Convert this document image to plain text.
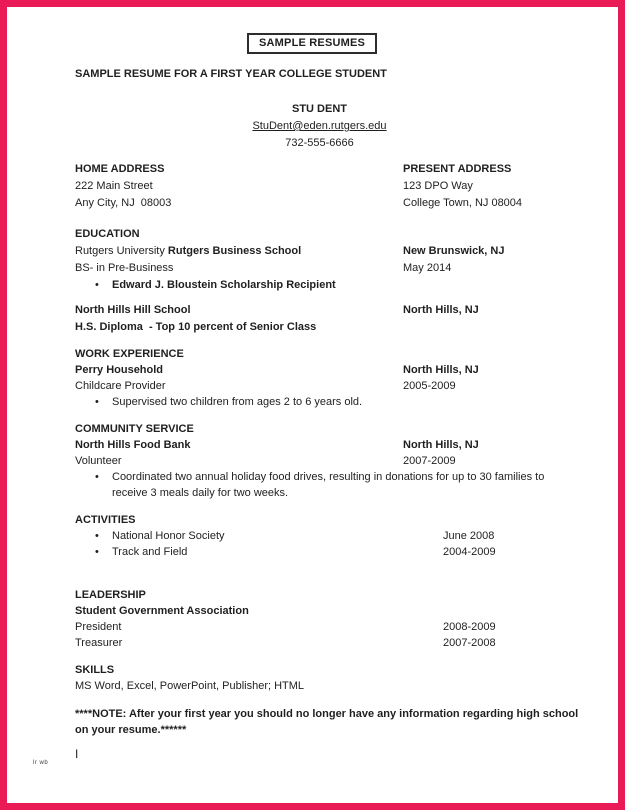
SAMPLE RESUMES
SAMPLE RESUME FOR A FIRST YEAR COLLEGE STUDENT
STU DENT
StuDent@eden.rutgers.edu
732-555-6666
HOME ADDRESS	PRESENT ADDRESS
222 Main Street	123 DPO Way
Any City, NJ  08003	College Town, NJ 08004
EDUCATION
Rutgers University Rutgers Business School	New Brunswick, NJ
BS- in Pre-Business	May 2014
•	Edward J. Bloustein Scholarship Recipient
North Hills Hill School	North Hills, NJ
H.S. Diploma  - Top 10 percent of Senior Class
WORK EXPERIENCE
Perry Household	North Hills, NJ
Childcare Provider	2005-2009
•	Supervised two children from ages 2 to 6 years old.
COMMUNITY SERVICE
North Hills Food Bank	North Hills, NJ
Volunteer	2007-2009
•	Coordinated two annual holiday food drives, resulting in donations for up to 30 families to receive 3 meals daily for two weeks.
ACTIVITIES
•	National Honor Society	June 2008
•	Track and Field	2004-2009
LEADERSHIP
Student Government Association
President	2008-2009
Treasurer	2007-2008
SKILLS
MS Word, Excel, PowerPoint, Publisher; HTML
****NOTE: After your first year you should no longer have any information regarding high school on your resume.******
I
lr wb
